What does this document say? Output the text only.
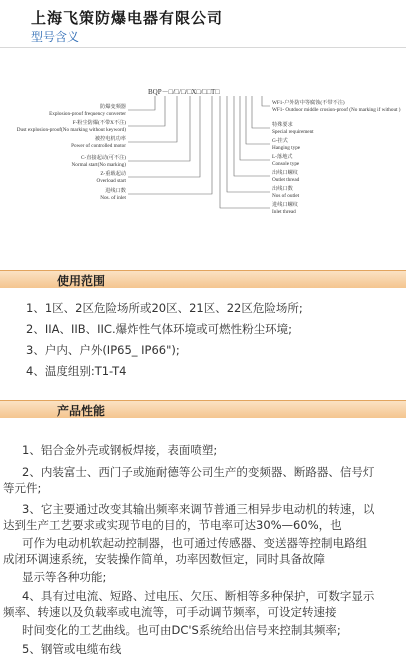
上海飞策防爆电器有限公司
型号含义
BQP－□/□/□/□X□/□□T□
防爆变频器
Explosion-proof frequency converter
F-粉尘防爆(不带X不注)
Dust explosion-proof(No marking without keyword)
被控电机功率
Power of controlled motor
C-直接起动(可不注)
Normal start(No marking)
Z-重载起动
Overload start
进线口数
Nos. of inlet
WF1-户外防中等腐蚀(不带不注)
WF1- Outdoor middle crosion-proof (No marking if without )
特殊要求
Special requirement
G-挂式
Hanging type
L-落地式
Console type
出线口螺纹
Outlet thread
出线口数
Nos of outlet
进线口螺纹
Inlet thread
使用范围
1、1区、2区危险场所或20区、21区、22区危险场所;
2、IIA、IIB、IIC.爆炸性气体环境或可燃性粉尘环境;
3、户内、户外(IP65_ IP66");
4、温度组别:T1-T4
产品性能
1、铝合金外壳或钢板焊接，表面喷塑;
2、内装富士、西门子或施耐德等公司生产的变频器、断路器、信号灯
等元件;
3、它主要通过改变其输出频率来调节普通三相异步电动机的转速，以
达到生产工艺要求或实现节电的目的，节电率可达30%—60%，也
可作为电动机软起动控制器，也可通过传感器、变送器等控制电路组
成闭环调速系统，安装操作简单，功率因数恒定，同时具备故障
显示等各种功能;
4、具有过电流、短路、过电压、欠压、断相等多种保护，可数字显示
频率、转速以及负载率或电流等，可手动调节频率，可设定转速接
时间变化的工艺曲线。也可由DC'S系统给出信号来控制其频率;
5、钢管或电缆布线
